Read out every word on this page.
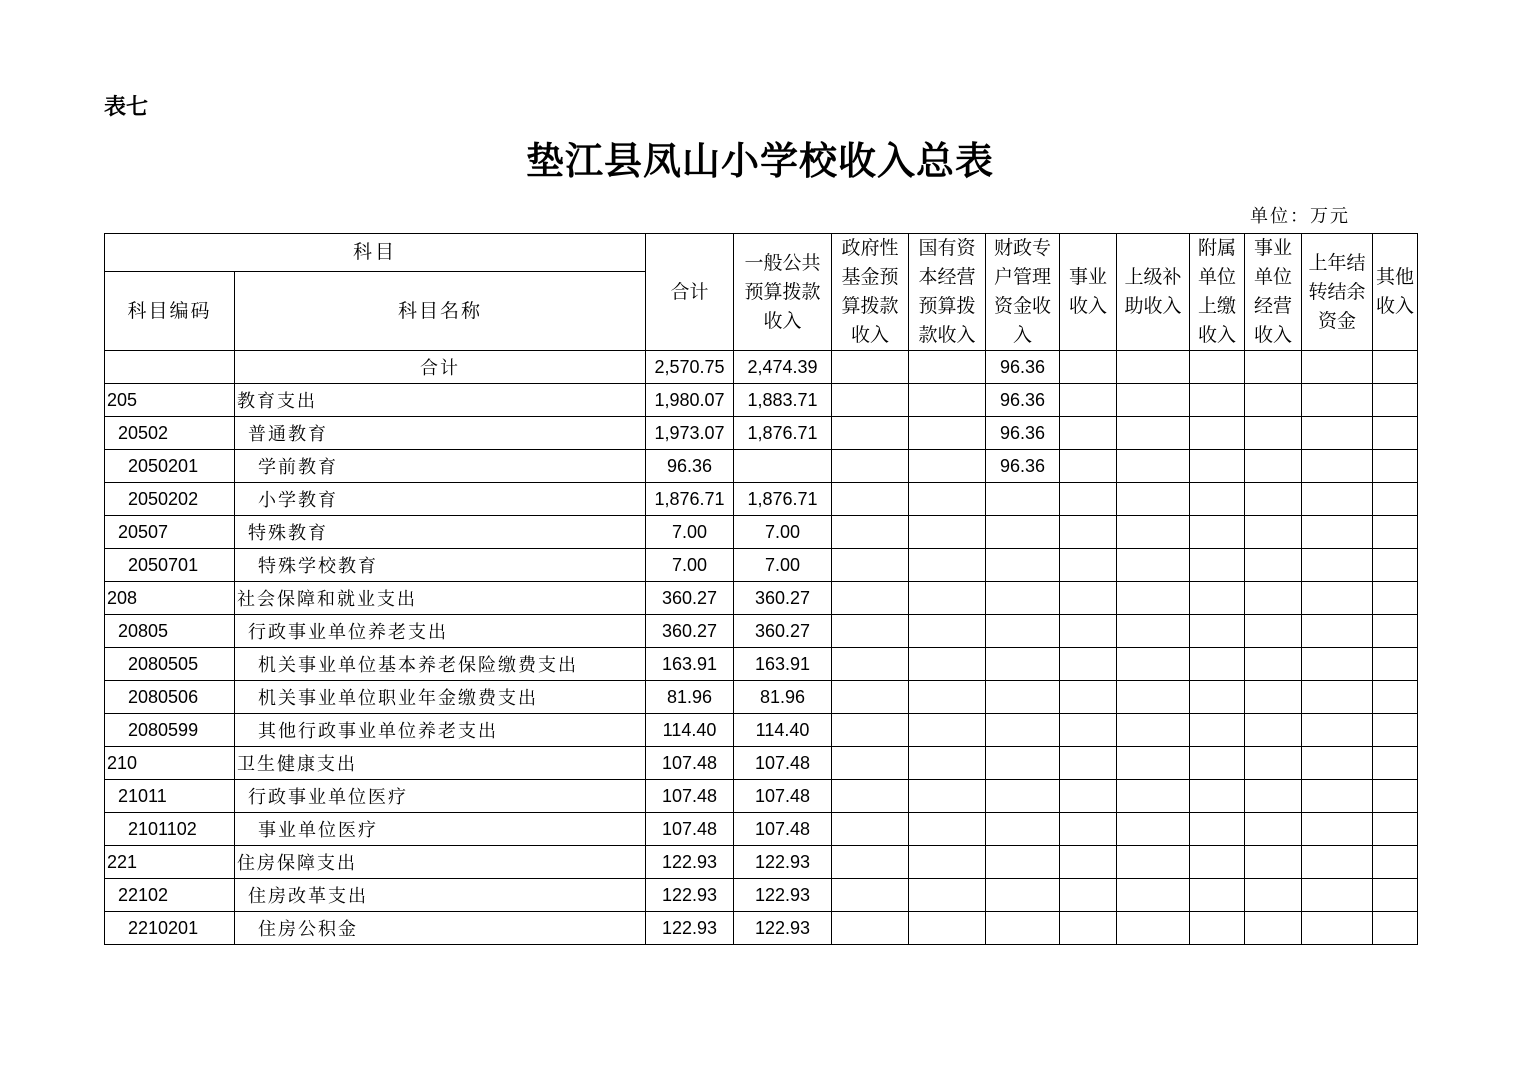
表七
垫江县凤山小学校收入总表
单位：万元
科目		合计	一般公共预算拨款收入	政府性基金预算拨款收入	国有资本经营预算拨款收入	财政专户管理资金收入	事业收入	上级补助收入	附属单位上缴收入	事业单位经营收入	上年结转结余资金	其他收入
科目编码	科目名称											
	合计	2,570.75	2,474.39			96.36						
205	教育支出	1,980.07	1,883.71			96.36						
20502	普通教育	1,973.07	1,876.71			96.36						
2050201	学前教育	96.36				96.36						
2050202	小学教育	1,876.71	1,876.71									
20507	特殊教育	7.00	7.00									
2050701	特殊学校教育	7.00	7.00									
208	社会保障和就业支出	360.27	360.27									
20805	行政事业单位养老支出	360.27	360.27									
2080505	机关事业单位基本养老保险缴费支出	163.91	163.91									
2080506	机关事业单位职业年金缴费支出	81.96	81.96									
2080599	其他行政事业单位养老支出	114.40	114.40									
210	卫生健康支出	107.48	107.48									
21011	行政事业单位医疗	107.48	107.48									
2101102	事业单位医疗	107.48	107.48									
221	住房保障支出	122.93	122.93									
22102	住房改革支出	122.93	122.93									
2210201	住房公积金	122.93	122.93									
